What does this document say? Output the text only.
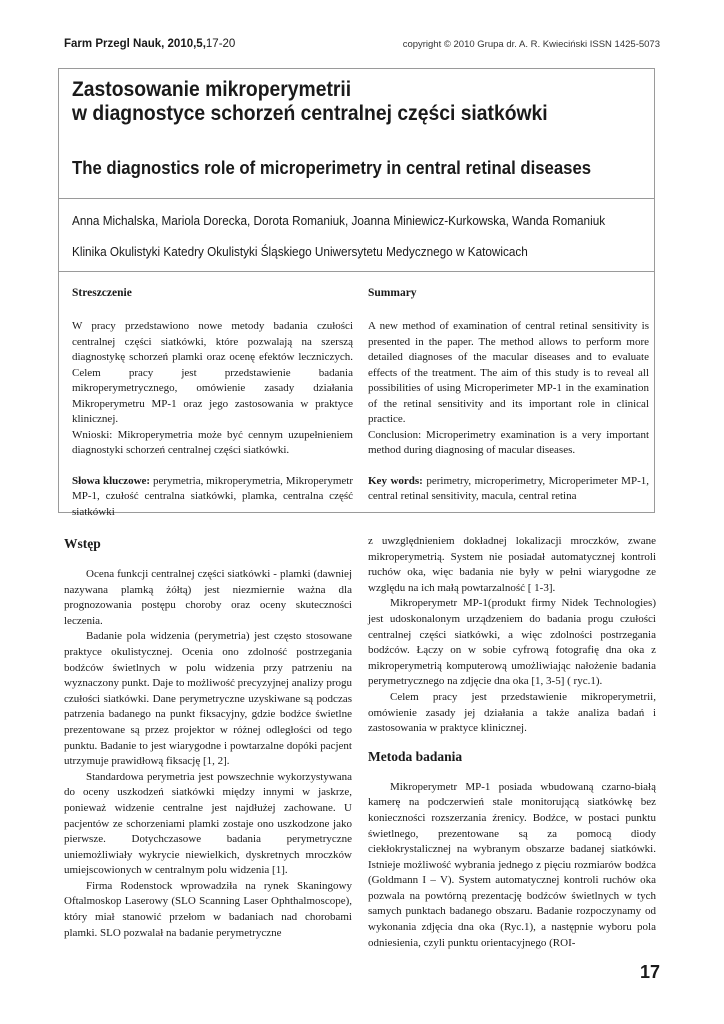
Farm Przegl Nauk, 2010,5,17-20	copyright © 2010 Grupa dr. A. R. Kwieciński ISSN 1425-5073
Zastosowanie mikroperymetrii
w diagnostyce schorzeń centralnej części siatkówki
The diagnostics role of microperimetry in central retinal diseases
Anna Michalska, Mariola Dorecka, Dorota Romaniuk, Joanna Miniewicz-Kurkowska, Wanda Romaniuk
Klinika Okulistyki Katedry Okulistyki Śląskiego Uniwersytetu Medycznego w Katowicach
Streszczenie

W pracy przedstawiono nowe metody badania czułości centralnej części siatkówki, które pozwalają na szerszą diagnostykę schorzeń plamki oraz ocenę efektów leczniczych. Celem pracy jest przedstawienie badania mikroperymetrycznego, omówienie zasady działania Mikroperymetru MP-1 oraz jego zastosowania w praktyce klinicznej.

Wnioski: Mikroperymetria może być cennym uzupełnieniem diagnostyki schorzeń centralnej części siatkówki.

Słowa kluczowe: perymetria, mikroperymetria, Mikroperymetr MP-1, czułość centralna siatkówki, plamka, centralna część siatkówki

Summary

A new method of examination of central retinal sensitivity is presented in the paper. The method allows to perform more detailed diagnoses of the macular diseases and to evaluate effects of the treatment. The aim of this study is to reveal all possibilities of using Microperimeter MP-1 in the examination of the retinal sensitivity and its important role in clinical practice.

Conclusion: Microperimetry examination is a very important method during diagnosing of macular diseases.

Key words: perimetry, microperimetry, Microperimeter MP-1, central retinal sensitivity, macula, central retina

Wstęp

Ocena funkcji centralnej części siatkówki - plamki (dawniej nazywana plamką żółtą) jest niezmiernie ważna dla prognozowania postępu choroby oraz oceny skuteczności leczenia.

Badanie pola widzenia (perymetria) jest często stosowane praktyce okulistycznej. Ocenia ono zdolność postrzegania bodźców świetlnych w polu widzenia przy patrzeniu na wyznaczony punkt. Daje to możliwość precyzyjnej analizy progu czułości siatkówki. Dane perymetryczne uzyskiwane są podczas patrzenia badanego na punkt fiksacyjny, gdzie bodźce świetlne prezentowane są przez projektor w różnej odległości od tego punktu. Badanie to jest wiarygodne i powtarzalne dopóki pacjent utrzymuje prawidłową fiksację [1, 2].

Standardowa perymetria jest powszechnie wykorzystywana do oceny uszkodzeń siatkówki między innymi w jaskrze, ponieważ widzenie centralne jest najdłużej zachowane. U pacjentów ze schorzeniami plamki zostaje ono uszkodzone jako pierwsze. Dotychczasowe badania perymetryczne uniemożliwiały wykrycie niewielkich, dyskretnych mroczków umiejscowionych w centralnym polu widzenia [1].

Firma Rodenstock wprowadziła na rynek Skaningowy Oftalmoskop Laserowy (SLO Scanning Laser Ophthalmoscope), który miał stanowić przełom w badaniach nad chorobami plamki. SLO pozwalał na badanie perymetryczne

z uwzględnieniem dokładnej lokalizacji mroczków, zwane mikroperymetrią. System nie posiadał automatycznej kontroli ruchów oka, więc badania nie były w pełni wiarygodne ze względu na ich małą powtarzalność [ 1-3].

Mikroperymetr MP-1(produkt firmy Nidek Technologies) jest udoskonalonym urządzeniem do badania progu czułości centralnej części siatkówki, a więc zdolności postrzegania bodźców. Łączy on w sobie cyfrową fotografię dna oka z mikroperymetrią komputerową umożliwiając nałożenie badania perymetrycznego na zdjęcie dna oka [1, 3-5] ( ryc.1).

Celem pracy jest przedstawienie mikroperymetrii, omówienie zasady jej działania a także analiza badań i zastosowania w praktyce klinicznej.

Metoda badania

Mikroperymetr MP-1 posiada wbudowaną czarno-białą kamerę na podczerwień stale monitorującą siatkówkę bez konieczności rozszerzania źrenicy. Bodźce, w postaci punktu świetlnego, prezentowane są za pomocą diody ciekłokrystalicznej na wybranym obszarze badanej siatkówki. Istnieje możliwość wybrania jednego z pięciu rozmiarów bodźca (Goldmann I – V). System automatycznej kontroli ruchów oka pozwala na powtórną prezentację bodźców świetlnych w tych samych punktach badanego obszaru. Badanie rozpoczynamy od wykonania zdjęcia dna oka (Ryc.1), a następnie wyboru pola odniesienia, czyli punktu orientacyjnego (ROI-

17
